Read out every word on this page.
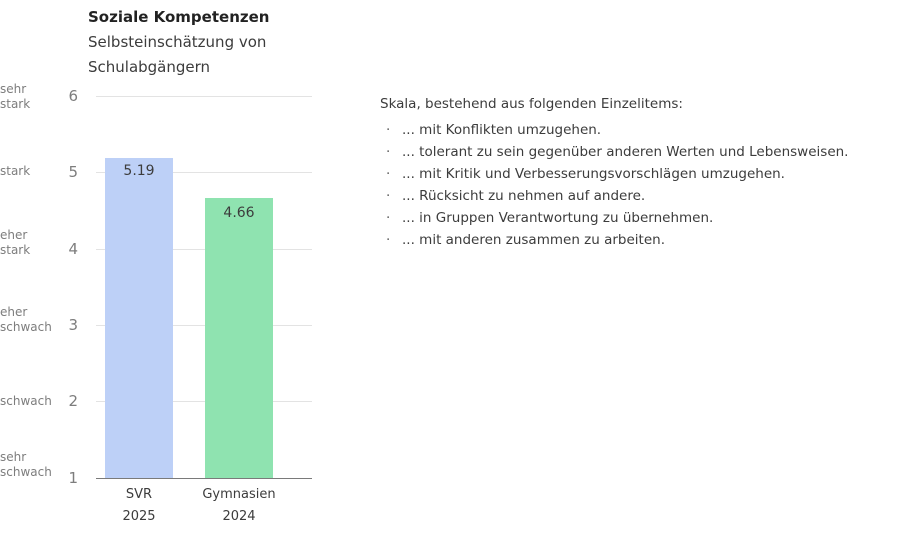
Soziale Kompetenzen
Selbsteinschätzung von Schulabgängern
6
5
4
3
2
1
sehr
stark
stark
eher
stark
eher
schwach
schwach
sehr
schwach
5.19
4.66
SVR
2025
Gymnasien
2024
Skala, bestehend aus folgenden Einzelitems:
· ... mit Konflikten umzugehen.
· ... tolerant zu sein gegenüber anderen Werten und Lebensweisen.
· ... mit Kritik und Verbesserungsvorschlägen umzugehen.
· ... Rücksicht zu nehmen auf andere.
· ... in Gruppen Verantwortung zu übernehmen.
· ... mit anderen zusammen zu arbeiten.
